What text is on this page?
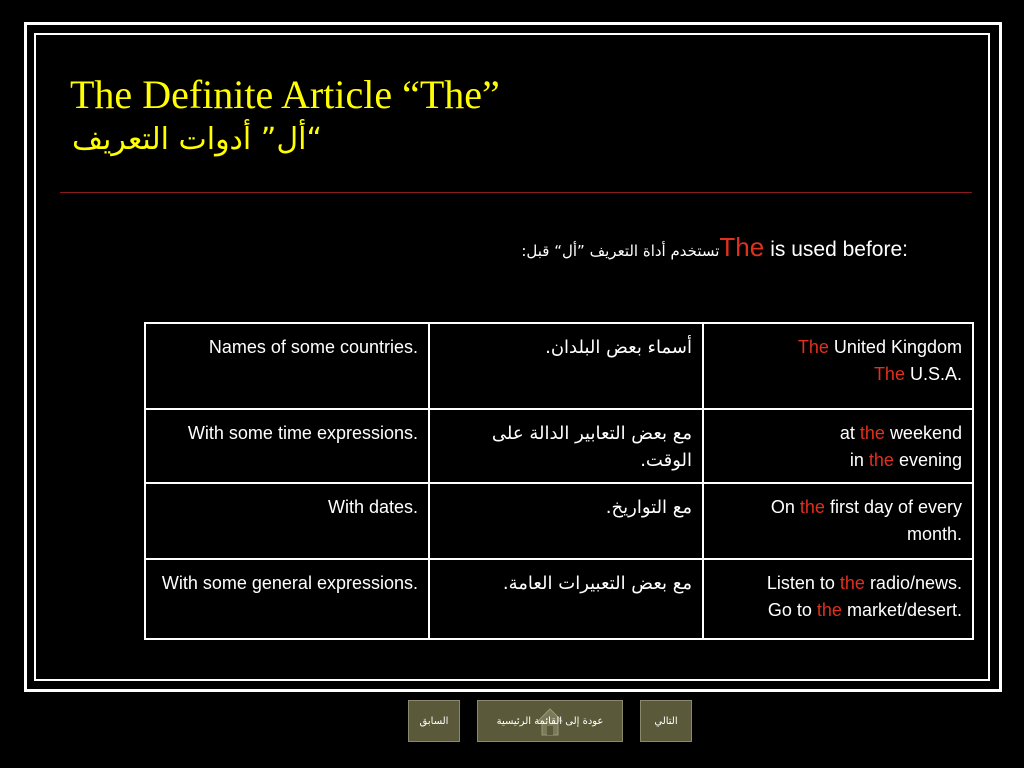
The Definite Article “The”
“أل” أدوات التعريف
تستخدم أداة التعريف ”أل“ قبل: The is used before:
Names of some countries.	أسماء بعض البلدان.	The United Kingdom
The U.S.A.

With some time expressions.	مع بعض التعابير الدالة على الوقت.	at the weekend
in the evening

With dates.	مع التواريخ.	On the first day of every month.

With some general expressions.	مع بعض التعبيرات العامة.	Listen to the radio/news.
Go to the market/desert.
السابق	عودة إلى القائمة الرئيسية	التالي
